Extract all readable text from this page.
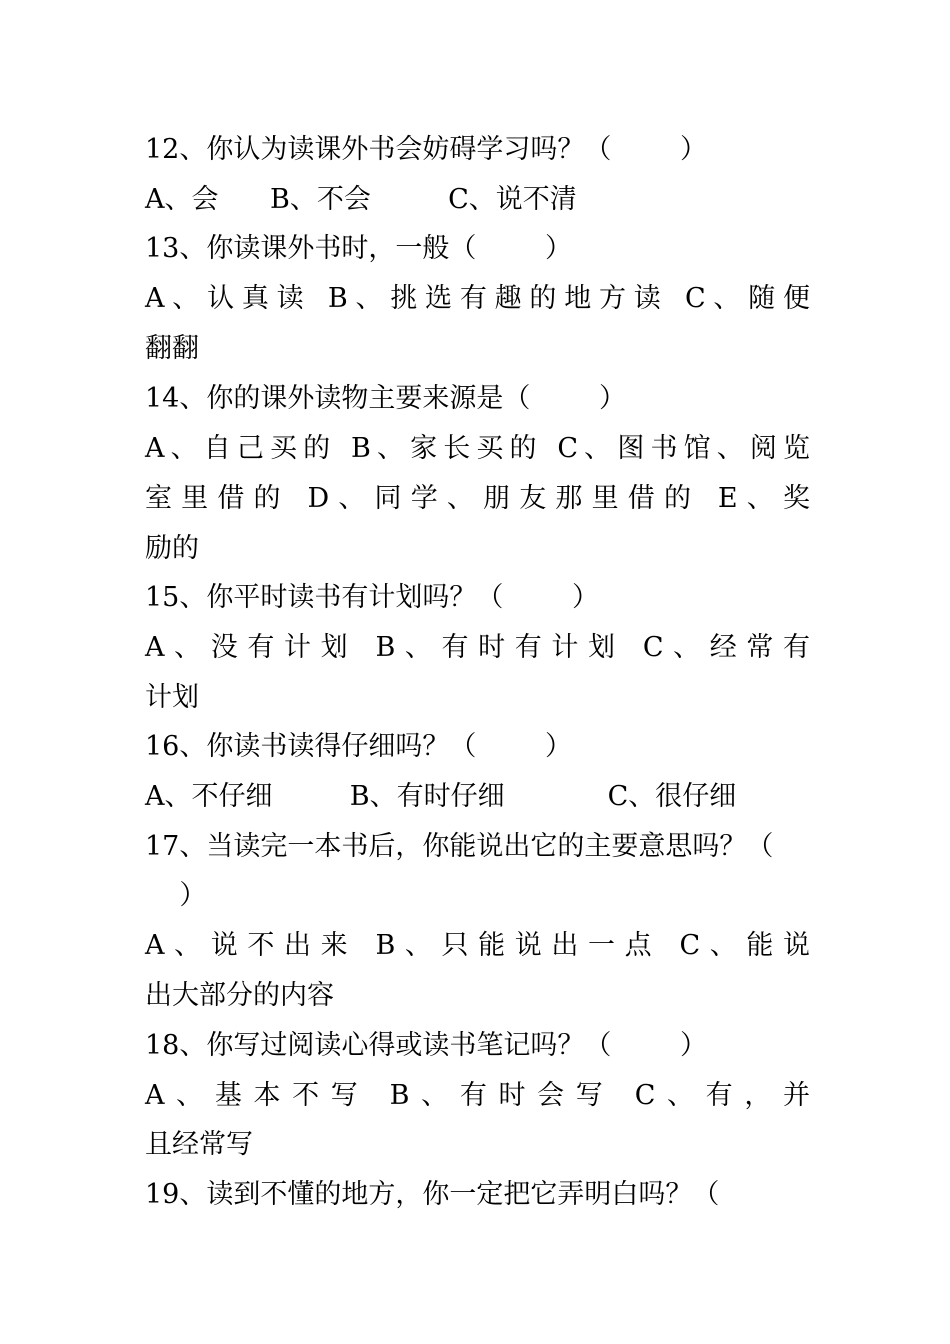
12、你认为读课外书会妨碍学习吗？（        ）
A、会      B、不会         C、说不清
13、你读课外书时，一般（        ）
A、认真读 B、挑选有趣的地方读 C、随便
翻翻
14、你的课外读物主要来源是（        ）
A、自己买的 B、家长买的 C、图书馆、阅览
室里借的 D、同学、朋友那里借的 E、奖
励的
15、你平时读书有计划吗？（        ）
A、没有计划 B、有时有计划 C、经常有
计划
16、你读书读得仔细吗？（        ）
A、不仔细         B、有时仔细            C、很仔细
17、当读完一本书后，你能说出它的主要意思吗？（
）
A、说不出来 B、只能说出一点 C、能说
出大部分的内容
18、你写过阅读心得或读书笔记吗？（        ）
A、基本不写 B、有时会写 C、有，并
且经常写
19、读到不懂的地方，你一定把它弄明白吗？（
